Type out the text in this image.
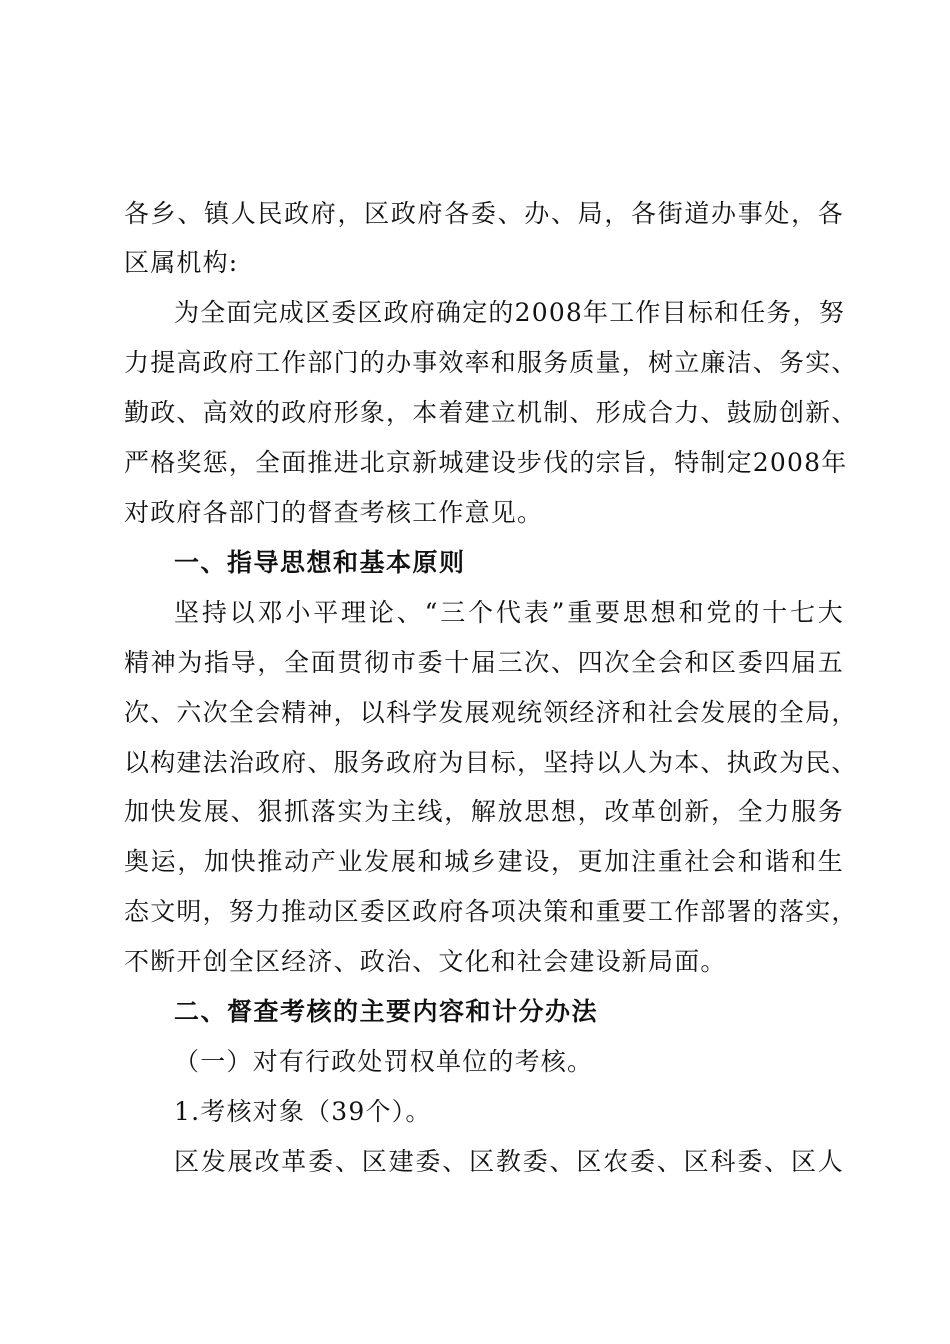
各乡、镇人民政府，区政府各委、办、局，各街道办事处，各
区属机构:
为全面完成区委区政府确定的2008年工作目标和任务，努
力提高政府工作部门的办事效率和服务质量，树立廉洁、务实、
勤政、高效的政府形象，本着建立机制、形成合力、鼓励创新、
严格奖惩，全面推进北京新城建设步伐的宗旨，特制定2008年
对政府各部门的督查考核工作意见。
一、指导思想和基本原则
坚持以邓小平理论、“三个代表”重要思想和党的十七大
精神为指导，全面贯彻市委十届三次、四次全会和区委四届五
次、六次全会精神，以科学发展观统领经济和社会发展的全局，
以构建法治政府、服务政府为目标，坚持以人为本、执政为民、
加快发展、狠抓落实为主线，解放思想，改革创新，全力服务
奥运，加快推动产业发展和城乡建设，更加注重社会和谐和生
态文明，努力推动区委区政府各项决策和重要工作部署的落实，
不断开创全区经济、政治、文化和社会建设新局面。
二、督查考核的主要内容和计分办法
（一）对有行政处罚权单位的考核。
1.考核对象（39个）。
区发展改革委、区建委、区教委、区农委、区科委、区人
